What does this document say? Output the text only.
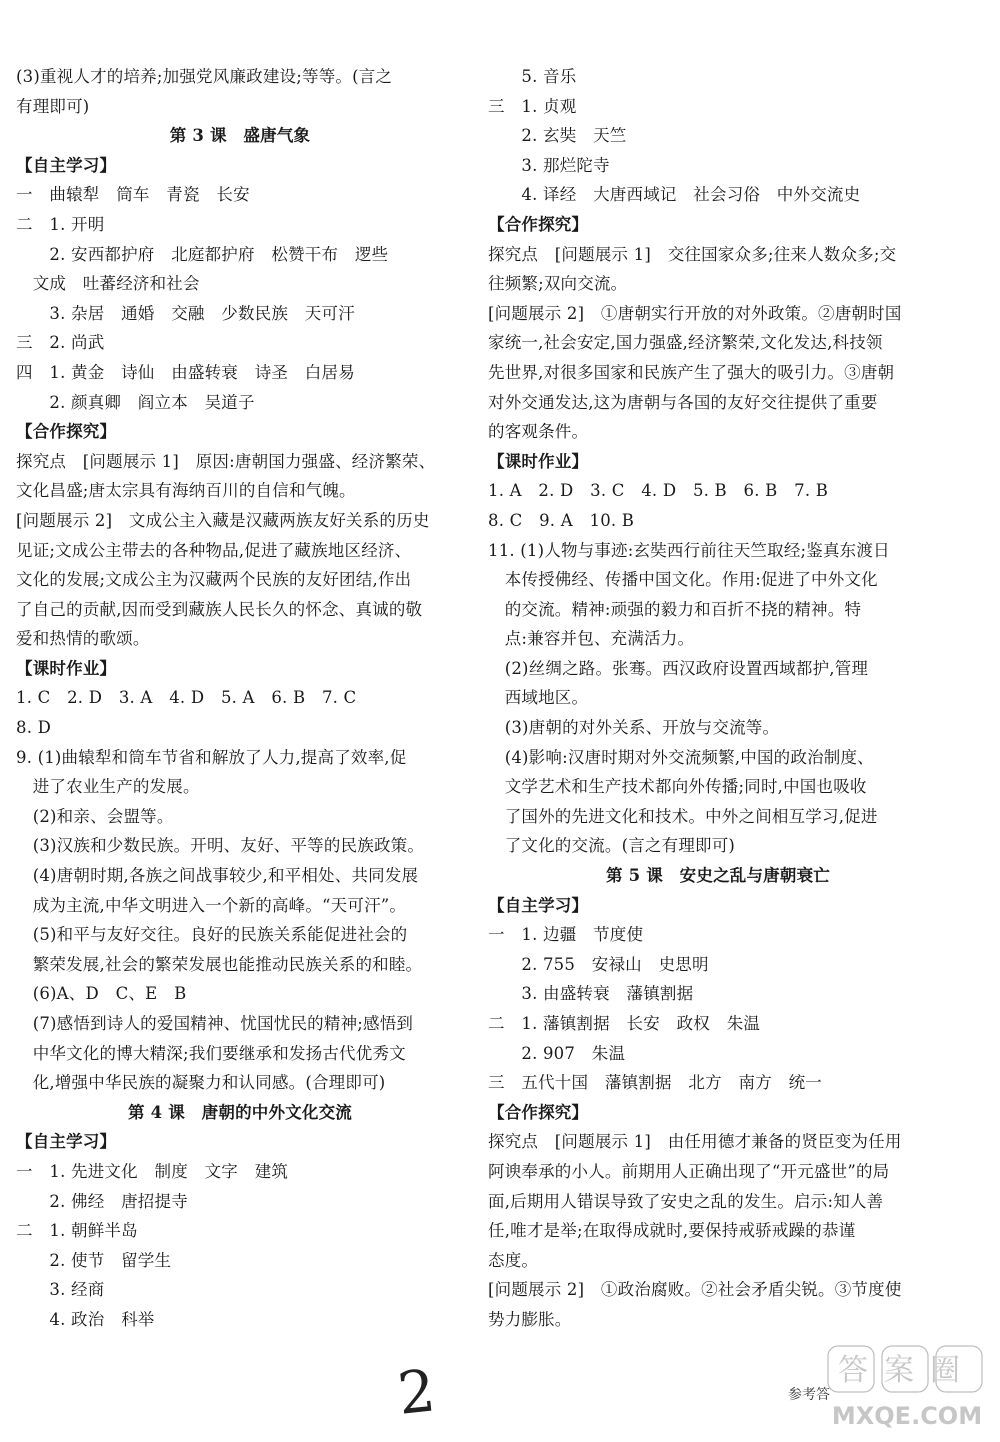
(3)重视人才的培养;加强党风廉政建设;等等。(言之
有理即可)
第 3 课　盛唐气象
【自主学习】
一　曲辕犁　筒车　青瓷　长安
二　1. 开明
　　2. 安西都护府　北庭都护府　松赞干布　逻些
　文成　吐蕃经济和社会
　　3. 杂居　通婚　交融　少数民族　天可汗
三　2. 尚武
四　1. 黄金　诗仙　由盛转衰　诗圣　白居易
　　2. 颜真卿　阎立本　吴道子
【合作探究】
探究点　[问题展示 1]　原因:唐朝国力强盛、经济繁荣、
文化昌盛;唐太宗具有海纳百川的自信和气魄。
[问题展示 2]　文成公主入藏是汉藏两族友好关系的历史
见证;文成公主带去的各种物品,促进了藏族地区经济、
文化的发展;文成公主为汉藏两个民族的友好团结,作出
了自己的贡献,因而受到藏族人民长久的怀念、真诚的敬
爱和热情的歌颂。
【课时作业】
1. C　2. D　3. A　4. D　5. A　6. B　7. C
8. D
9. (1)曲辕犁和筒车节省和解放了人力,提高了效率,促
　进了农业生产的发展。
　(2)和亲、会盟等。
　(3)汉族和少数民族。开明、友好、平等的民族政策。
　(4)唐朝时期,各族之间战事较少,和平相处、共同发展
　成为主流,中华文明进入一个新的高峰。“天可汗”。
　(5)和平与友好交往。良好的民族关系能促进社会的
　繁荣发展,社会的繁荣发展也能推动民族关系的和睦。
　(6)A、D　C、E　B
　(7)感悟到诗人的爱国精神、忧国忧民的精神;感悟到
　中华文化的博大精深;我们要继承和发扬古代优秀文
　化,增强中华民族的凝聚力和认同感。(合理即可)
第 4 课　唐朝的中外文化交流
【自主学习】
一　1. 先进文化　制度　文字　建筑
　　2. 佛经　唐招提寺
二　1. 朝鲜半岛
　　2. 使节　留学生
　　3. 经商
　　4. 政治　科举
　　5. 音乐
三　1. 贞观
　　2. 玄奘　天竺
　　3. 那烂陀寺
　　4. 译经　大唐西域记　社会习俗　中外交流史
【合作探究】
探究点　[问题展示 1]　交往国家众多;往来人数众多;交
往频繁;双向交流。
[问题展示 2]　①唐朝实行开放的对外政策。②唐朝时国
家统一,社会安定,国力强盛,经济繁荣,文化发达,科技领
先世界,对很多国家和民族产生了强大的吸引力。③唐朝
对外交通发达,这为唐朝与各国的友好交往提供了重要
的客观条件。
【课时作业】
1. A　2. D　3. C　4. D　5. B　6. B　7. B
8. C　9. A　10. B
11. (1)人物与事迹:玄奘西行前往天竺取经;鉴真东渡日
　本传授佛经、传播中国文化。作用:促进了中外文化
　的交流。精神:顽强的毅力和百折不挠的精神。特
　点:兼容并包、充满活力。
　(2)丝绸之路。张骞。西汉政府设置西域都护,管理
　西域地区。
　(3)唐朝的对外关系、开放与交流等。
　(4)影响:汉唐时期对外交流频繁,中国的政治制度、
　文学艺术和生产技术都向外传播;同时,中国也吸收
　了国外的先进文化和技术。中外之间相互学习,促进
　了文化的交流。(言之有理即可)
第 5 课　安史之乱与唐朝衰亡
【自主学习】
一　1. 边疆　节度使
　　2. 755　安禄山　史思明
　　3. 由盛转衰　藩镇割据
二　1. 藩镇割据　长安　政权　朱温
　　2. 907　朱温
三　五代十国　藩镇割据　北方　南方　统一
【合作探究】
探究点　[问题展示 1]　由任用德才兼备的贤臣变为任用
阿谀奉承的小人。前期用人正确出现了“开元盛世”的局
面,后期用人错误导致了安史之乱的发生。启示:知人善
任,唯才是举;在取得成就时,要保持戒骄戒躁的恭谨
态度。
[问题展示 2]　①政治腐败。②社会矛盾尖锐。③节度使
势力膨胀。
参考答
2	答案圈
MXQE.COM
